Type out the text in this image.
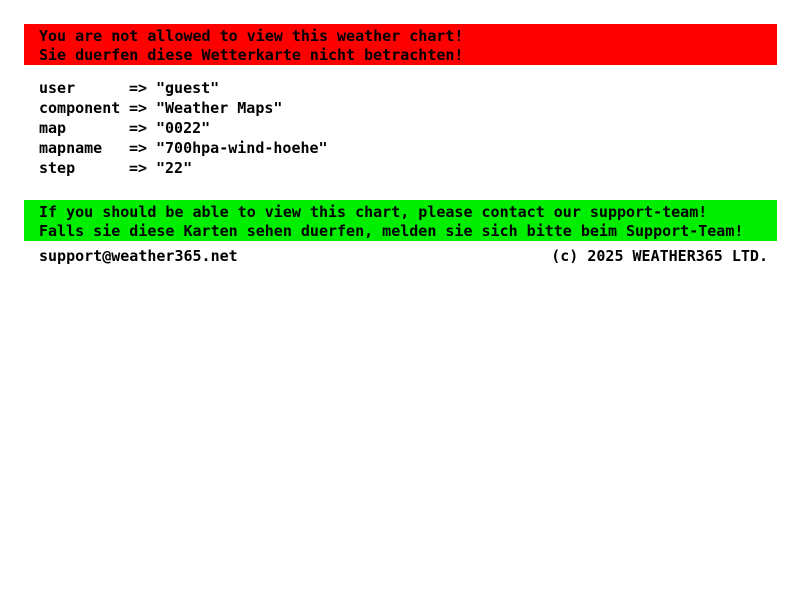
You are not allowed to view this weather chart!
Sie duerfen diese Wetterkarte nicht betrachten!
user	=> "guest"
component => "Weather Maps"
map	=> "0022"
mapname	=> "700hpa-wind-hoehe"
step	=> "22"
If you should be able to view this chart, please contact our support-team!
Falls sie diese Karten sehen duerfen, melden sie sich bitte beim Support-Team!
support@weather365.net	(c) 2025 WEATHER365 LTD.
